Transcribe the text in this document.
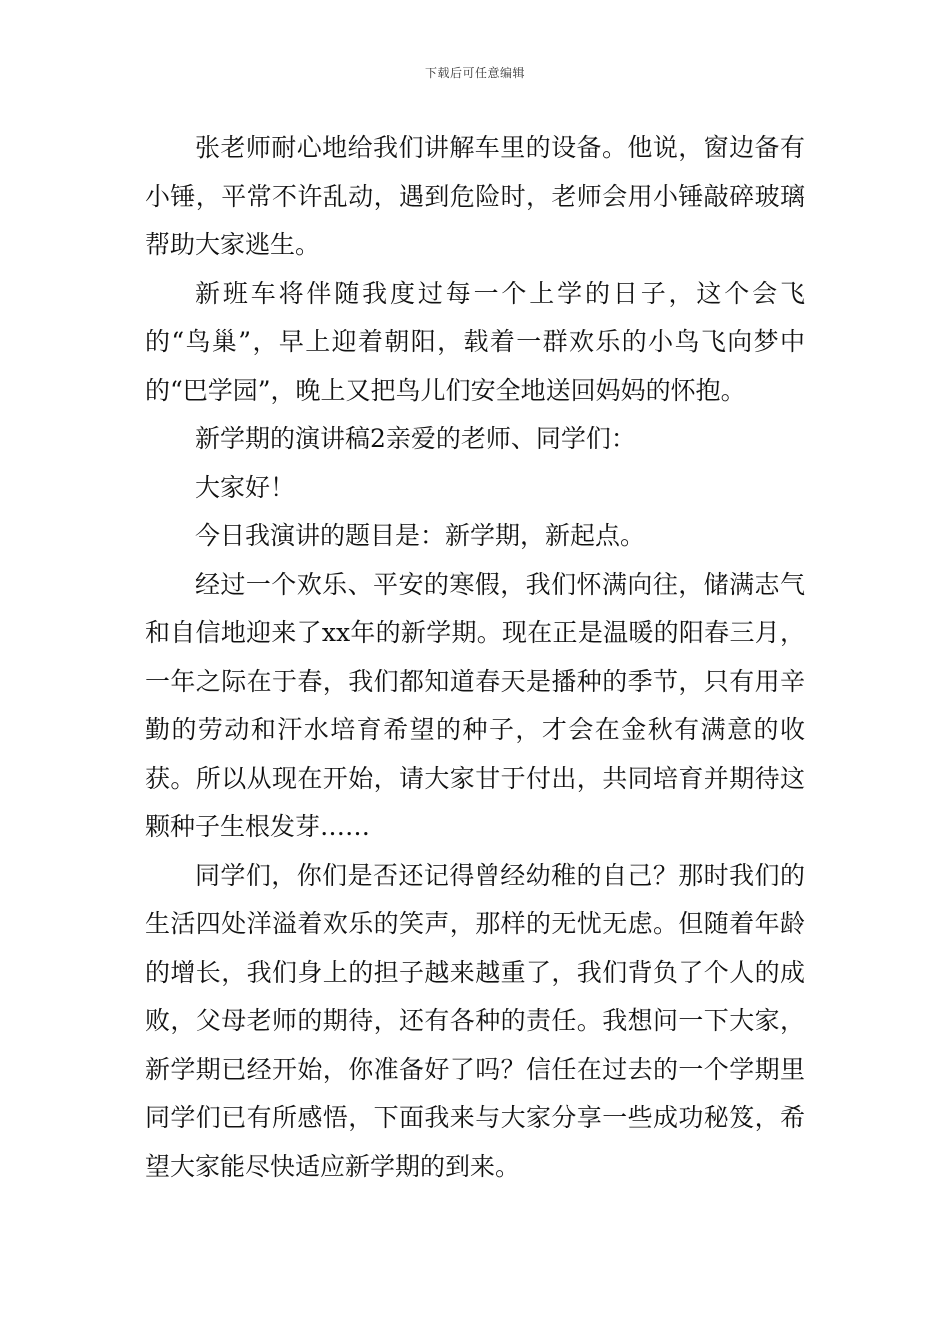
下载后可任意编辑

张老师耐心地给我们讲解车里的设备。他说，窗边备有小锤，平常不许乱动，遇到危险时，老师会用小锤敲碎玻璃帮助大家逃生。

新班车将伴随我度过每一个上学的日子，这个会飞的“鸟巢”，早上迎着朝阳，载着一群欢乐的小鸟飞向梦中的“巴学园”，晚上又把鸟儿们安全地送回妈妈的怀抱。

新学期的演讲稿2亲爱的老师、同学们：

大家好！

今日我演讲的题目是：新学期，新起点。

经过一个欢乐、平安的寒假，我们怀满向往，储满志气和自信地迎来了xx年的新学期。现在正是温暖的阳春三月，一年之际在于春，我们都知道春天是播种的季节，只有用辛勤的劳动和汗水培育希望的种子，才会在金秋有满意的收获。所以从现在开始，请大家甘于付出，共同培育并期待这颗种子生根发芽……

同学们，你们是否还记得曾经幼稚的自己？那时我们的生活四处洋溢着欢乐的笑声，那样的无忧无虑。但随着年龄的增长，我们身上的担子越来越重了，我们背负了个人的成败，父母老师的期待，还有各种的责任。我想问一下大家，新学期已经开始，你准备好了吗？信任在过去的一个学期里同学们已有所感悟，下面我来与大家分享一些成功秘笈，希望大家能尽快适应新学期的到来。
